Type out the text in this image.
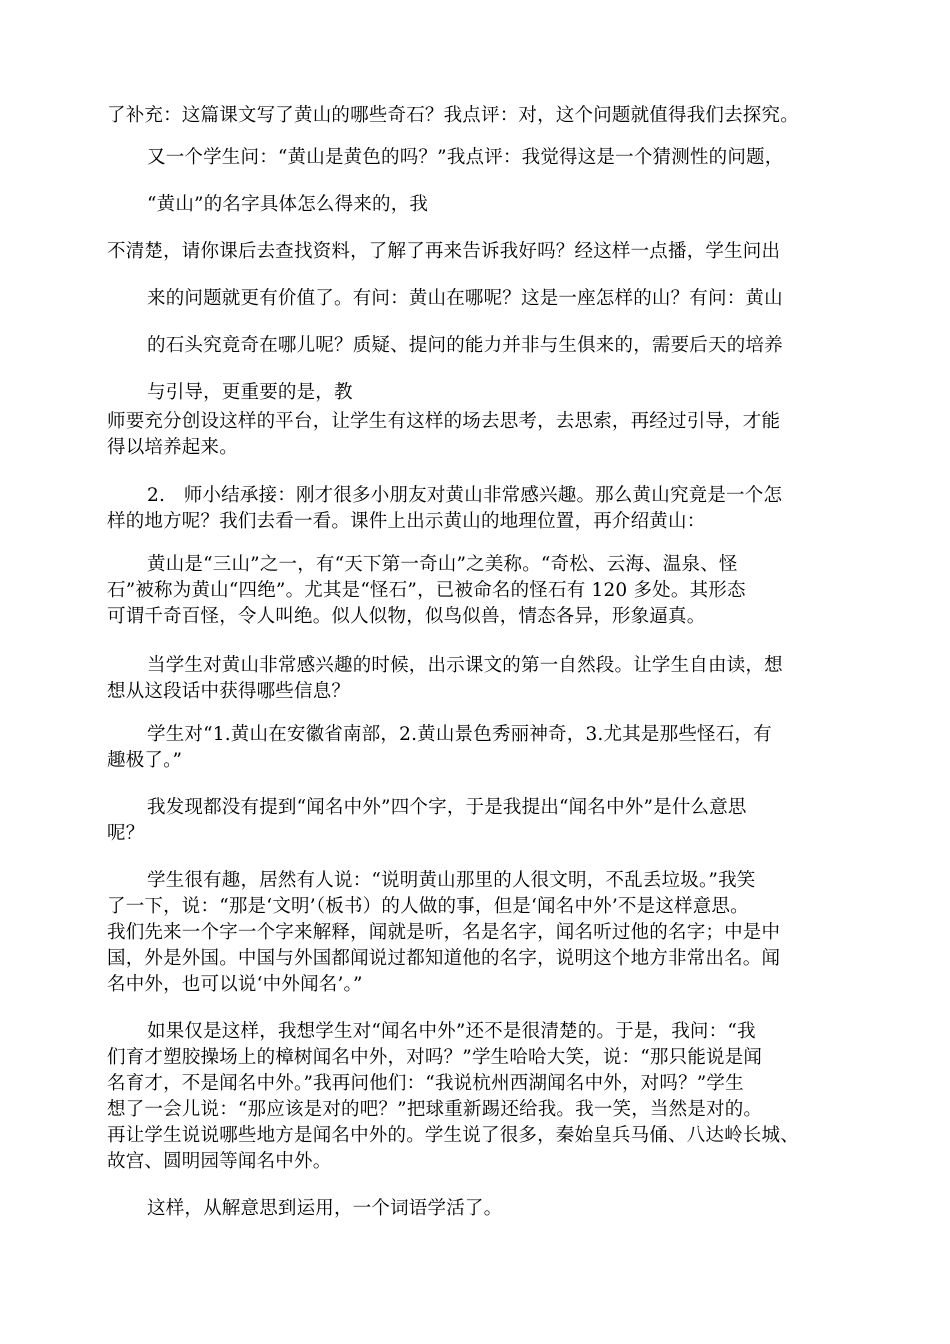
了补充：这篇课文写了黄山的哪些奇石？我点评：对，这个问题就值得我们去探究。
又一个学生问：“黄山是黄色的吗？”我点评：我觉得这是一个猜测性的问题，
“黄山”的名字具体怎么得来的，我
不清楚，请你课后去查找资料，了解了再来告诉我好吗？经这样一点播，学生问出
来的问题就更有价值了。有问：黄山在哪呢？这是一座怎样的山？有问：黄山
的石头究竟奇在哪儿呢？质疑、提问的能力并非与生俱来的，需要后天的培养
与引导，更重要的是，教
师要充分创设这样的平台，让学生有这样的场去思考，去思索，再经过引导，才能
得以培养起来。
2.　师小结承接：刚才很多小朋友对黄山非常感兴趣。那么黄山究竟是一个怎
样的地方呢？我们去看一看。课件上出示黄山的地理位置，再介绍黄山：
黄山是“三山”之一，有“天下第一奇山”之美称。“奇松、云海、温泉、怪
石”被称为黄山“四绝”。尤其是“怪石”，已被命名的怪石有 120 多处。其形态
可谓千奇百怪，令人叫绝。似人似物，似鸟似兽，情态各异，形象逼真。
当学生对黄山非常感兴趣的时候，出示课文的第一自然段。让学生自由读，想
想从这段话中获得哪些信息？
学生对“1.黄山在安徽省南部，2.黄山景色秀丽神奇，3.尤其是那些怪石，有
趣极了。”
我发现都没有提到“闻名中外”四个字，于是我提出“闻名中外”是什么意思
呢？
学生很有趣，居然有人说：“说明黄山那里的人很文明，不乱丢垃圾。”我笑
了一下，说：“那是‘文明’（板书）的人做的事，但是‘闻名中外’不是这样意思。
我们先来一个字一个字来解释，闻就是听，名是名字，闻名听过他的名字；中是中
国，外是外国。中国与外国都闻说过都知道他的名字，说明这个地方非常出名。闻
名中外，也可以说‘中外闻名’。”
如果仅是这样，我想学生对“闻名中外”还不是很清楚的。于是，我问：“我
们育才塑胶操场上的樟树闻名中外，对吗？”学生哈哈大笑，说：“那只能说是闻
名育才，不是闻名中外。”我再问他们：“我说杭州西湖闻名中外，对吗？”学生
想了一会儿说：“那应该是对的吧？”把球重新踢还给我。我一笑，当然是对的。
再让学生说说哪些地方是闻名中外的。学生说了很多，秦始皇兵马俑、八达岭长城、
故宫、圆明园等闻名中外。
这样，从解意思到运用，一个词语学活了。
